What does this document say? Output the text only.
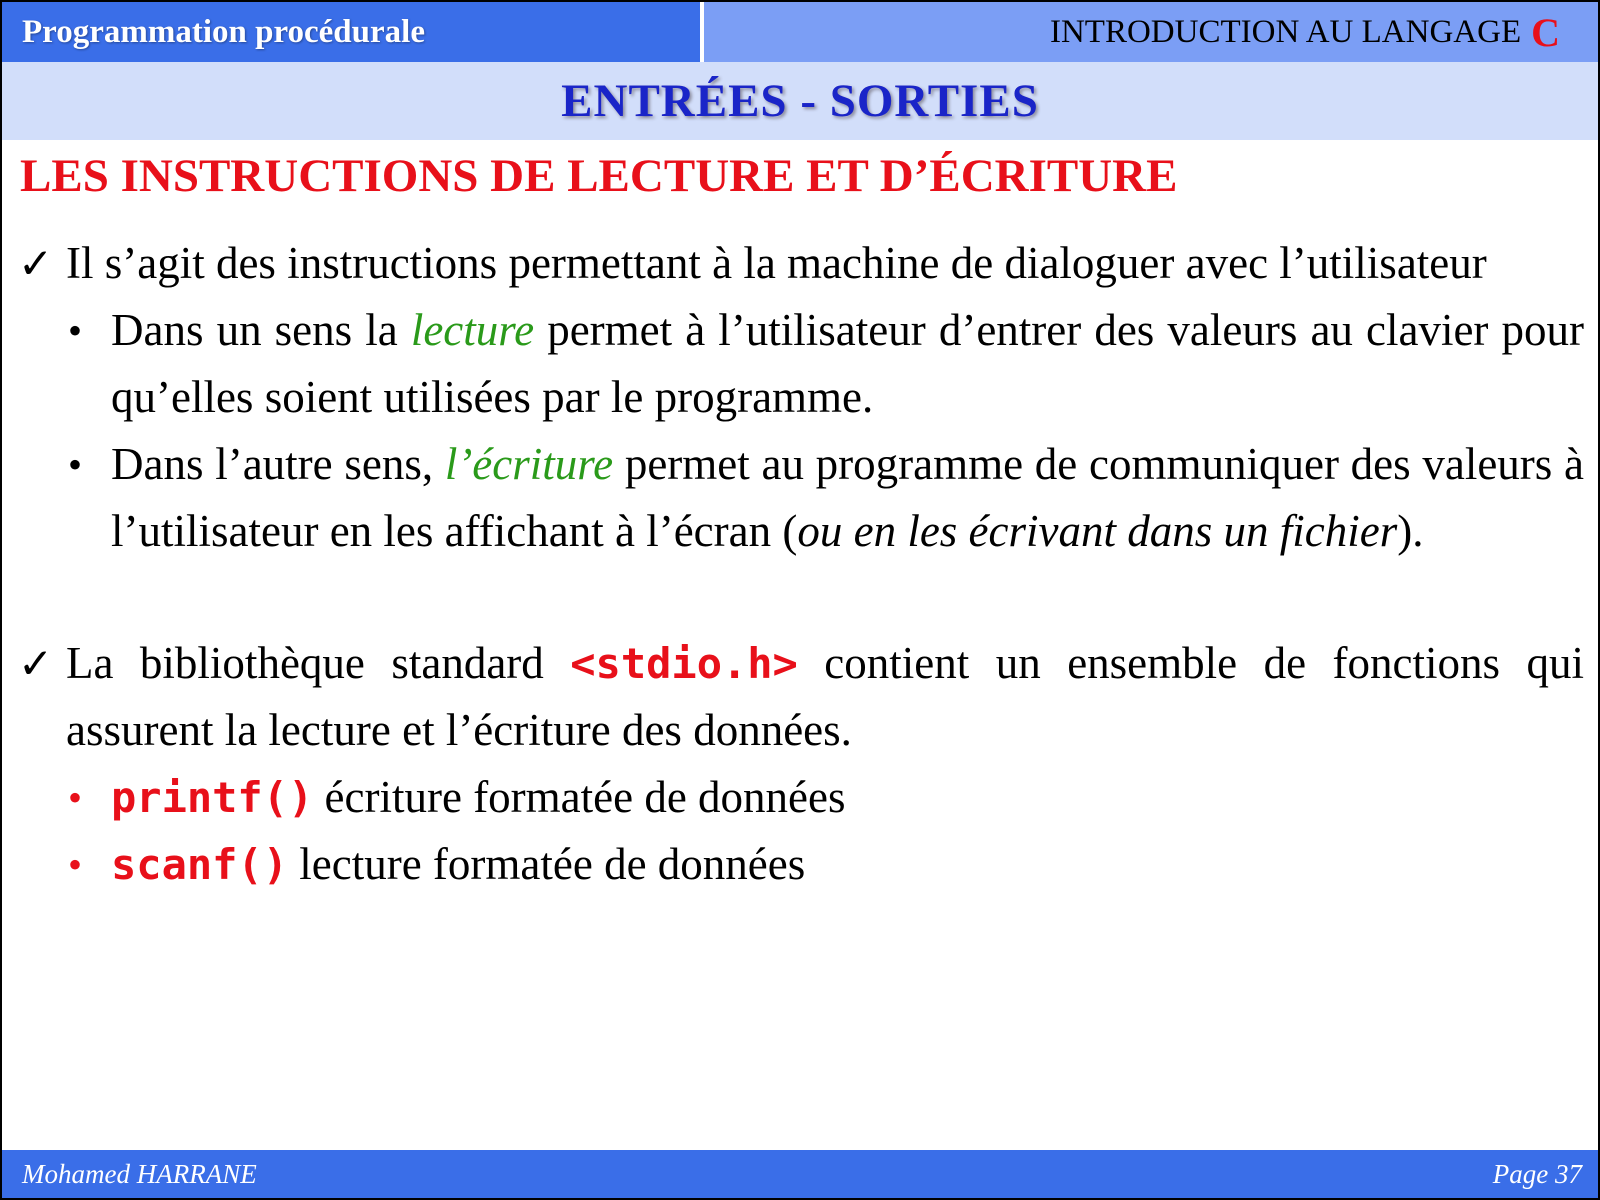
Programmation procédurale	INTRODUCTION AU LANGAGE C
ENTRÉES - SORTIES
LES INSTRUCTIONS DE LECTURE ET D’ÉCRITURE
✓ Il s’agit des instructions permettant à la machine de dialoguer avec l’utilisateur
• Dans un sens la lecture permet à l’utilisateur d’entrer des valeurs au clavier pour qu’elles soient utilisées par le programme.
• Dans l’autre sens, l’écriture permet au programme de communiquer des valeurs à l’utilisateur en les affichant à l’écran (ou en les écrivant dans un fichier).
✓ La bibliothèque standard <stdio.h> contient un ensemble de fonctions qui assurent la lecture et l’écriture des données.
• printf() écriture formatée de données
• scanf() lecture formatée de données
Mohamed HARRANE	Page 37
